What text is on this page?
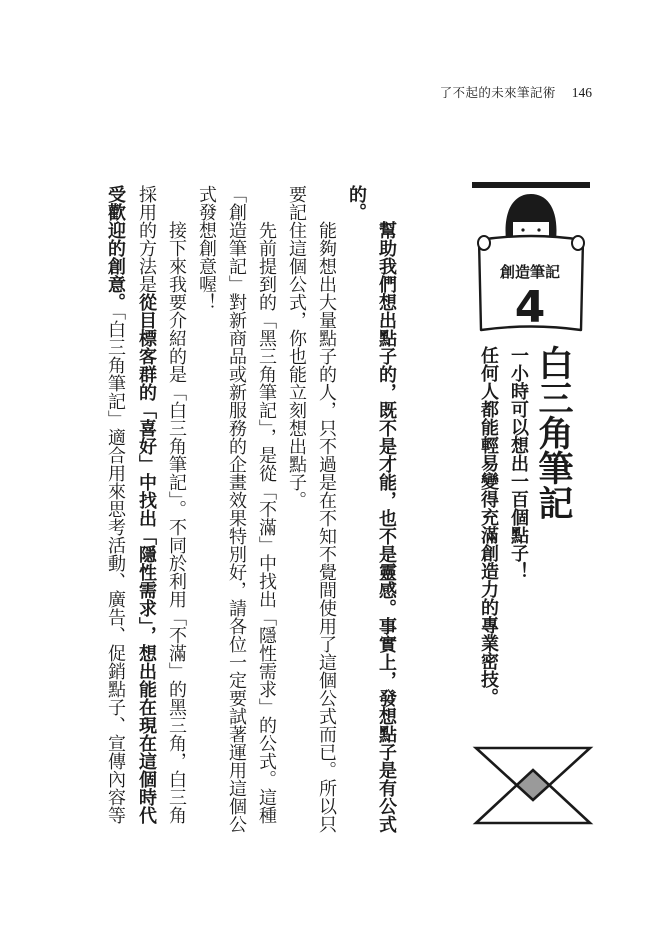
了不起的未來筆記術 146
幫助我們想出點子的，既不是才能，也不是靈感。事實上，發想點子是有公式
的。
能夠想出大量點子的人，只不過是在不知不覺間使用了這個公式而已。所以只
要記住這個公式，你也能立刻想出點子。
先前提到的「黑三角筆記」，是從「不滿」中找出「隱性需求」的公式。這種
「創造筆記」對新商品或新服務的企畫效果特別好，請各位一定要試著運用這個公
式發想創意喔！
接下來我要介紹的是「白三角筆記」。不同於利用「不滿」的黑三角，白三角
採用的方法是從目標客群的「喜好」中找出「隱性需求」，想出能在現在這個時代
受歡迎的創意。「白三角筆記」適合用來思考活動、廣告、促銷點子、宣傳內容等
創造筆記
4
白三角筆記
一小時可以想出一百個點子！
任何人都能輕易變得充滿創造力的專業密技。
